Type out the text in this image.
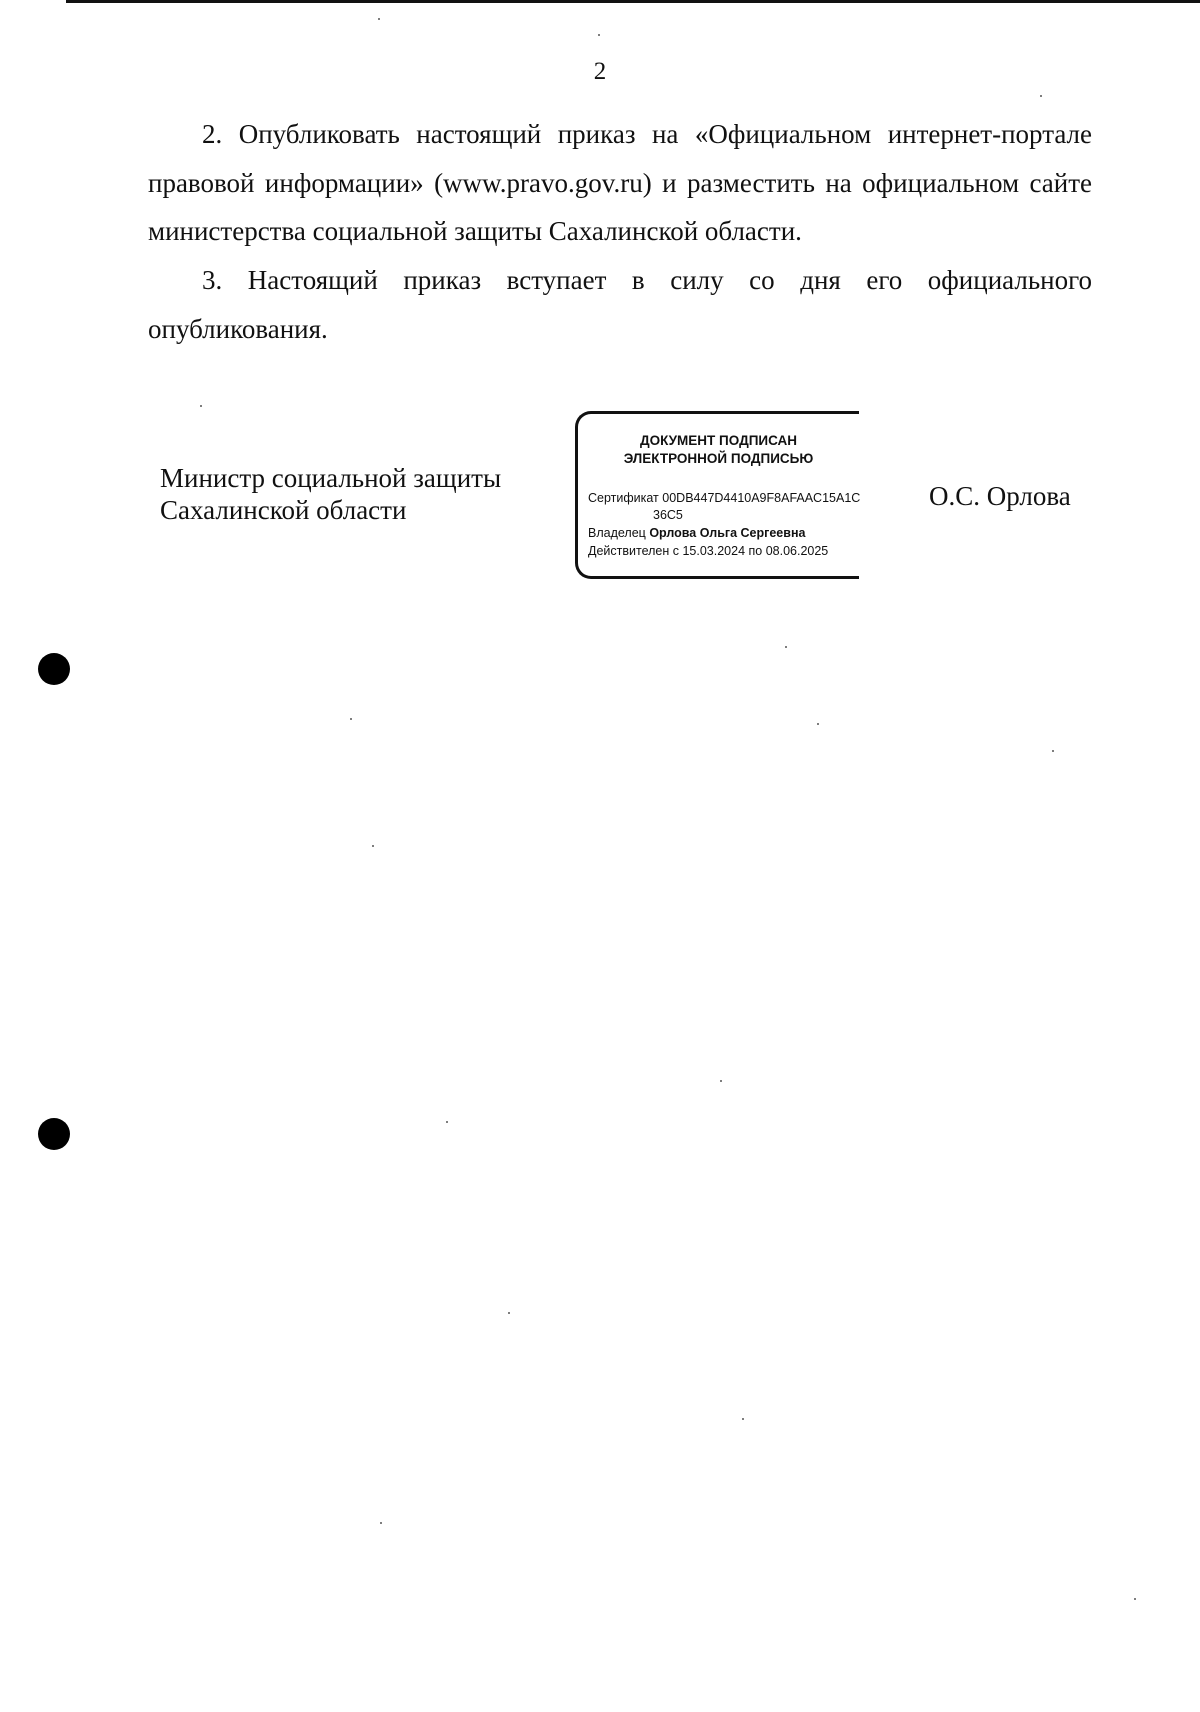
2

2. Опубликовать настоящий приказ на «Официальном интернет-портале правовой информации» (www.pravo.gov.ru) и разместить на официальном сайте министерства социальной защиты Сахалинской области.

3. Настоящий приказ вступает в силу со дня его официального опубликования.

Министр социальной защиты
Сахалинской области
ДОКУМЕНТ ПОДПИСАН
ЭЛЕКТРОННОЙ ПОДПИСЬЮ
Сертификат 00DB447D4410A9F8AFAAC15A1C
36C5
Владелец Орлова Ольга Сергеевна
Действителен с 15.03.2024 по 08.06.2025
О.С. Орлова
